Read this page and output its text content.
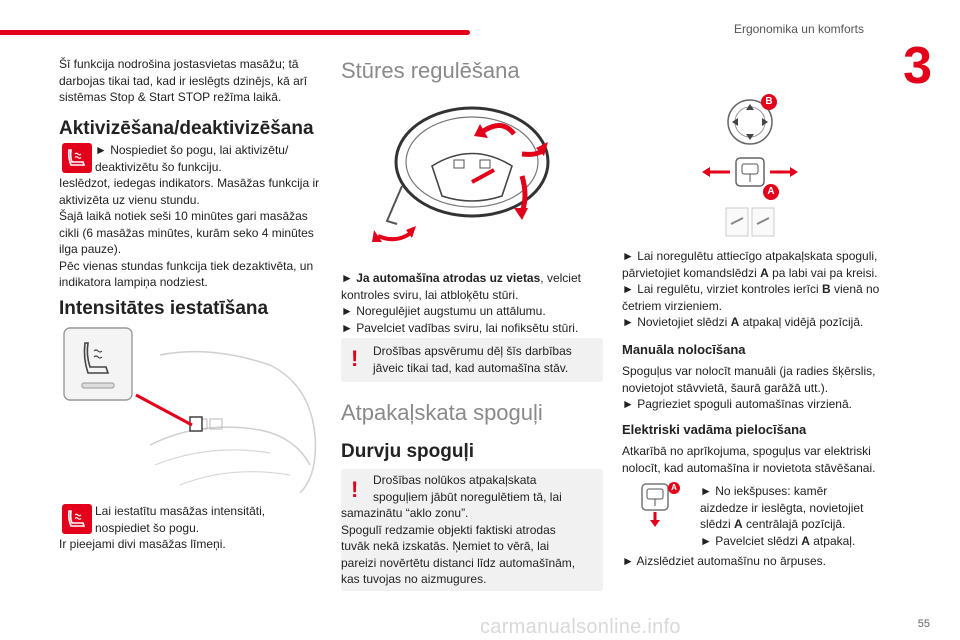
Ergonomika un komforts
3

Šī funkcija nodrošina jostasvietas masāžu; tā

darbojas tikai tad, kad ir ieslēgts dzinējs, kā arī

sistēmas Stop & Start STOP režīma laikā.

Aktivizēšana/deaktivizēšana

► Nospiediet šo pogu, lai aktivizētu/

deaktivizētu šo funkciju.

Ieslēdzot, iedegas indikators. Masāžas funkcija ir

aktivizēta uz vienu stundu.

Šajā laikā notiek seši 10 minūtes gari masāžas

cikli (6 masāžas minūtes, kurām seko 4 minūtes

ilga pauze).

Pēc vienas stundas funkcija tiek dezaktivēta, un

indikatora lampiņa nodziest.

Intensitātes iestatīšana

Lai iestatītu masāžas intensitāti,

nospiediet šo pogu.

Ir pieejami divi masāžas līmeņi.

Stūres regulēšana

► Ja automašīna atrodas uz vietas, velciet

kontroles sviru, lai atbloķētu stūri.

► Noregulējiet augstumu un attālumu.

► Pavelciet vadības sviru, lai nofiksētu stūri.

! Drošības apsvērumu dēļ šīs darbības

jāveic tikai tad, kad automašīna stāv.

Atpakaļskata spoguļi
Durvju spoguļi
!	Drošības nolūkos atpakaļskata

spoguļiem jābūt noregulētiem tā, lai

samazinātu “aklo zonu”.

Spogulī redzamie objekti faktiski atrodas

tuvāk nekā izskatās. Ņemiet to vērā, lai

pareizi novērtētu distanci līdz automašīnām,

kas tuvojas no aizmugures.

B
A

► Lai noregulētu attiecīgo atpakaļskata spoguli,

pārvietojiet komandslēdzi A pa labi vai pa kreisi.

► Lai regulētu, virziet kontroles ierīci B vienā no

četriem virzieniem.

► Novietojiet slēdzi A atpakaļ vidējā pozīcijā.

Manuāla nolocīšana

Spoguļus var nolocīt manuāli (ja radies šķērslis,

novietojot stāvvietā, šaurā garāžā utt.).

► Pagrieziet spoguli automašīnas virzienā.

Elektriski vadāma pielocīšana

Atkarībā no aprīkojuma, spoguļus var elektriski

nolocīt, kad automašīna ir novietota stāvēšanai.

A ► No iekšpuses: kamēr

aizdedze ir ieslēgta, novietojiet

slēdzi A centrālajā pozīcijā.

► Pavelciet slēdzi A atpakaļ.

► Aizslēdziet automašīnu no ārpuses.

carmanualsonline.info	55
